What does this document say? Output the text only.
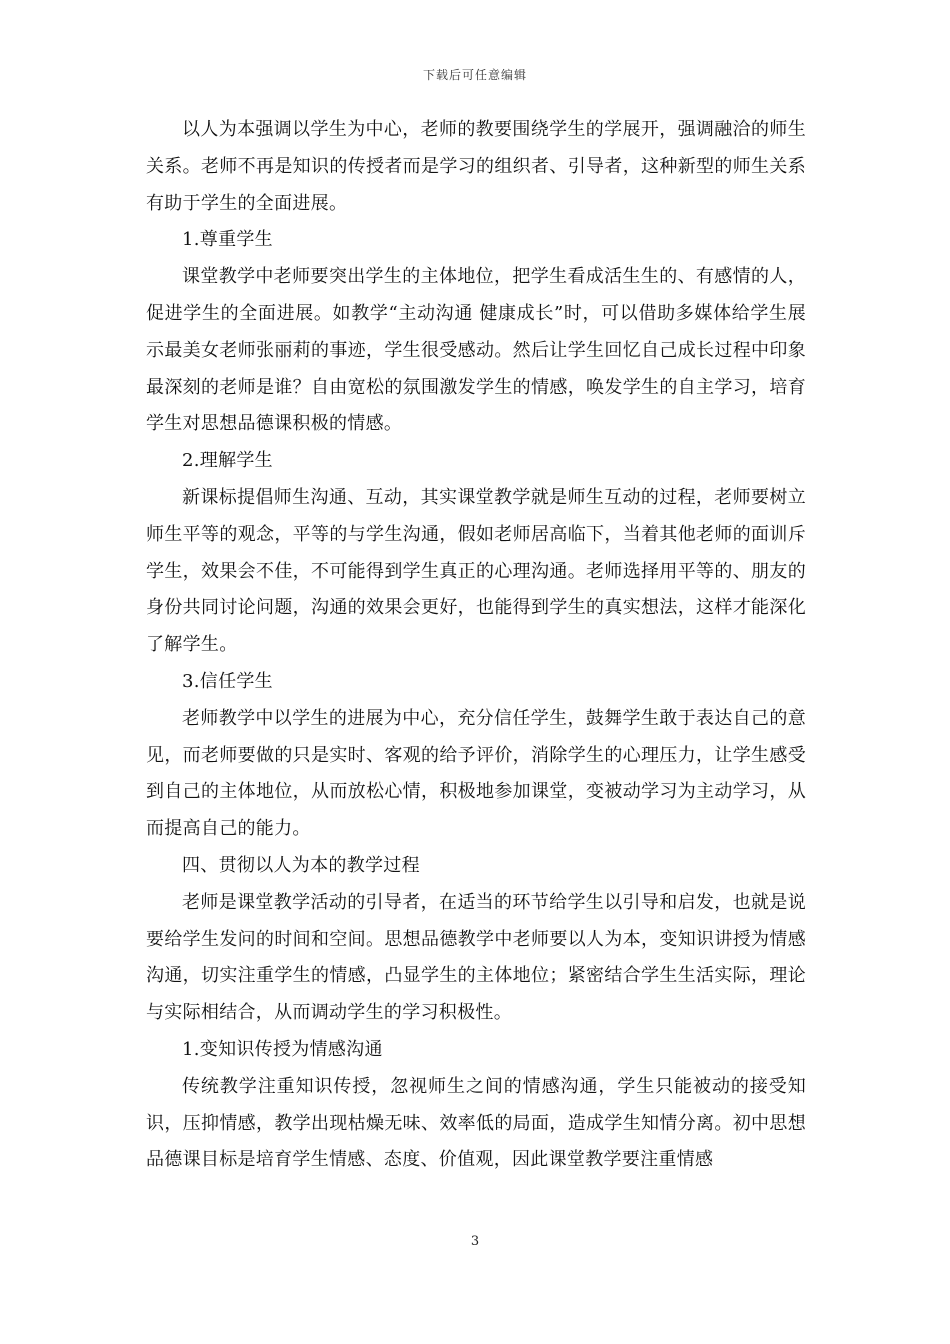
下载后可任意编辑

以人为本强调以学生为中心，老师的教要围绕学生的学展开，强调融洽的师生关系。老师不再是知识的传授者而是学习的组织者、引导者，这种新型的师生关系有助于学生的全面进展。

1.尊重学生

课堂教学中老师要突出学生的主体地位，把学生看成活生生的、有感情的人，促进学生的全面进展。如教学“主动沟通 健康成长”时，可以借助多媒体给学生展示最美女老师张丽莉的事迹，学生很受感动。然后让学生回忆自己成长过程中印象最深刻的老师是谁？自由宽松的氛围激发学生的情感，唤发学生的自主学习，培育学生对思想品德课积极的情感。

2.理解学生

新课标提倡师生沟通、互动，其实课堂教学就是师生互动的过程，老师要树立师生平等的观念，平等的与学生沟通，假如老师居高临下，当着其他老师的面训斥学生，效果会不佳，不可能得到学生真正的心理沟通。老师选择用平等的、朋友的身份共同讨论问题，沟通的效果会更好，也能得到学生的真实想法，这样才能深化了解学生。

3.信任学生

老师教学中以学生的进展为中心，充分信任学生，鼓舞学生敢于表达自己的意见，而老师要做的只是实时、客观的给予评价，消除学生的心理压力，让学生感受到自己的主体地位，从而放松心情，积极地参加课堂，变被动学习为主动学习，从而提高自己的能力。

四、贯彻以人为本的教学过程

老师是课堂教学活动的引导者，在适当的环节给学生以引导和启发，也就是说要给学生发问的时间和空间。思想品德教学中老师要以人为本，变知识讲授为情感沟通，切实注重学生的情感，凸显学生的主体地位；紧密结合学生生活实际，理论与实际相结合，从而调动学生的学习积极性。

1.变知识传授为情感沟通

传统教学注重知识传授，忽视师生之间的情感沟通，学生只能被动的接受知识，压抑情感，教学出现枯燥无味、效率低的局面，造成学生知情分离。初中思想品德课目标是培育学生情感、态度、价值观，因此课堂教学要注重情感

3
